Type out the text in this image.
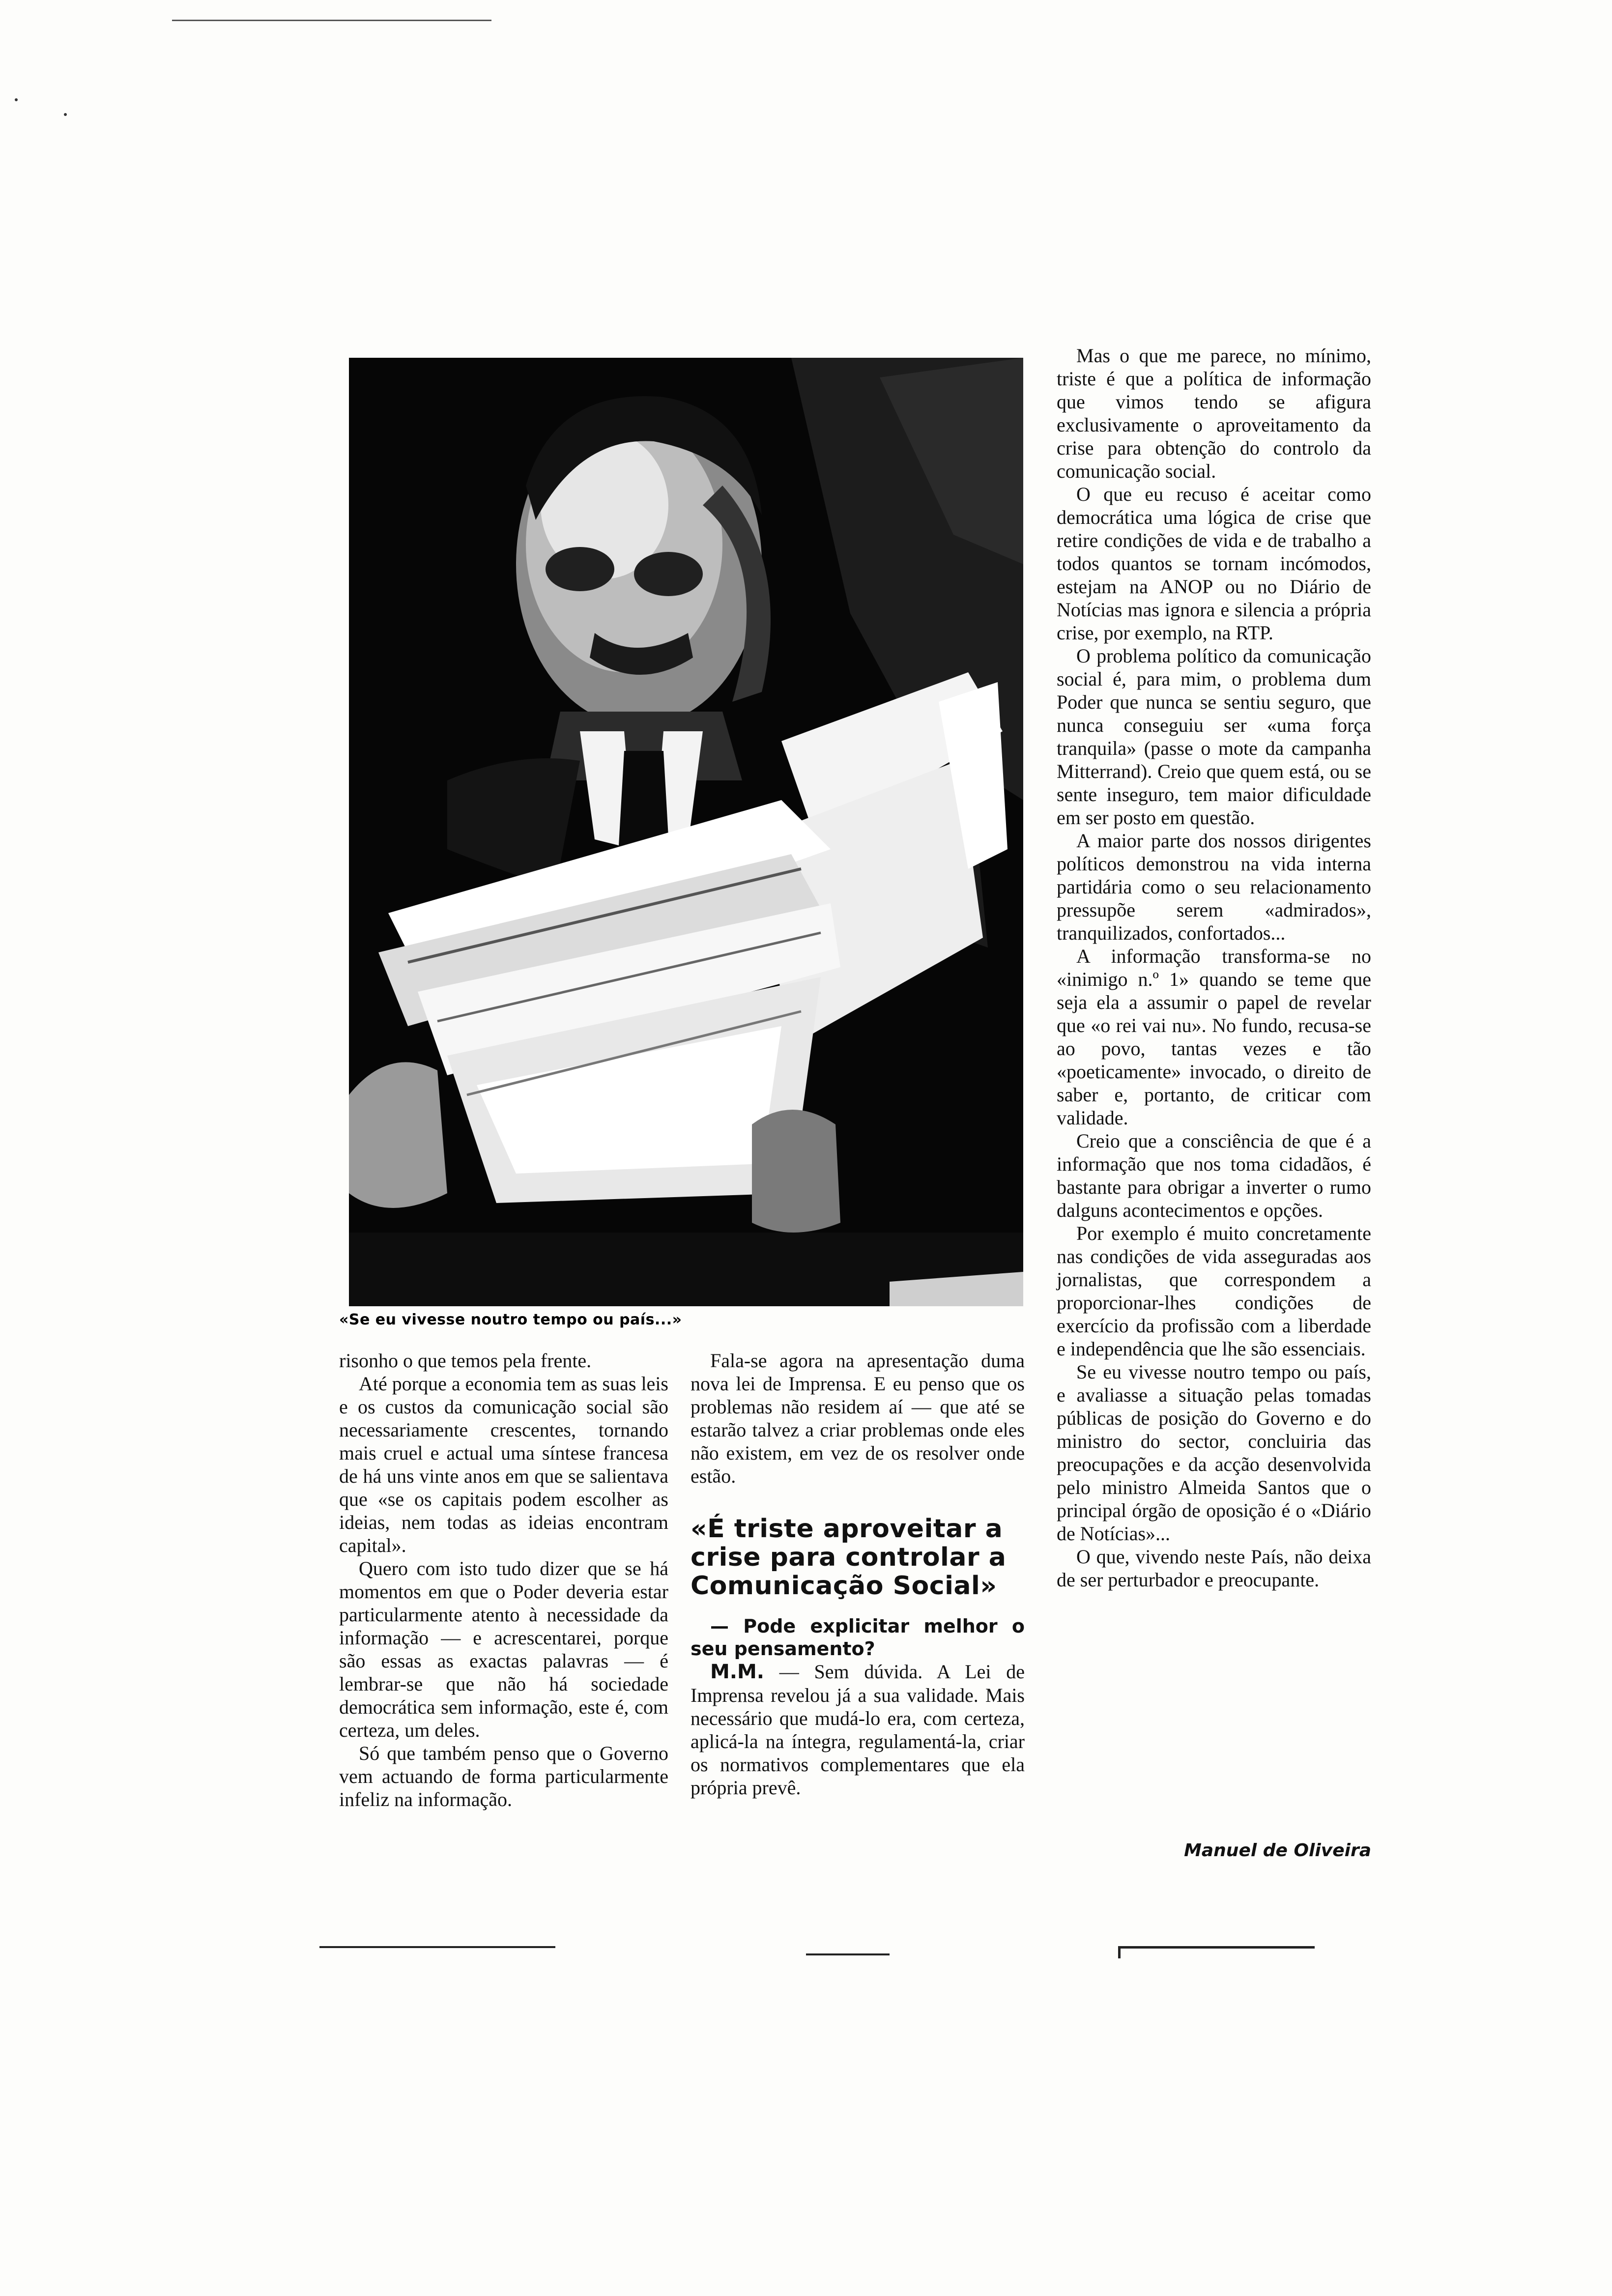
«Se eu vivesse noutro tempo ou país...»

risonho o que temos pela frente.

Até porque a economia tem as suas leis e os custos da comunicação social são necessariamente crescentes, tornando mais cruel e actual uma síntese francesa de há uns vinte anos em que se salientava que «se os capitais podem escolher as ideias, nem todas as ideias encontram capital».

Quero com isto tudo dizer que se há momentos em que o Poder deveria estar particularmente atento à necessidade da informação — e acrescentarei, porque são essas as exactas palavras — é lembrar-se que não há sociedade democrática sem informação, este é, com certeza, um deles.

Só que também penso que o Governo vem actuando de forma particularmente infeliz na informação.

Fala-se agora na apresentação duma nova lei de Imprensa. E eu penso que os problemas não residem aí — que até se estarão talvez a criar problemas onde eles não existem, em vez de os resolver onde estão.

«É triste aproveitar a crise para controlar a Comunicação Social»

— Pode explicitar melhor o seu pensamento?

M.M. — Sem dúvida. A Lei de Imprensa revelou já a sua validade. Mais necessário que mudá-lo era, com certeza, aplicá-la na íntegra, regulamentá-la, criar os normativos complementares que ela própria prevê.

Mas o que me parece, no mínimo, triste é que a política de informação que vimos tendo se afigura exclusivamente o aproveitamento da crise para obtenção do controlo da comunicação social.

O que eu recuso é aceitar como democrática uma lógica de crise que retire condições de vida e de trabalho a todos quantos se tornam incómodos, estejam na ANOP ou no Diário de Notícias mas ignora e silencia a própria crise, por exemplo, na RTP.

O problema político da comunicação social é, para mim, o problema dum Poder que nunca se sentiu seguro, que nunca conseguiu ser «uma força tranquila» (passe o mote da campanha Mitterrand). Creio que quem está, ou se sente inseguro, tem maior dificuldade em ser posto em questão.

A maior parte dos nossos dirigentes políticos demonstrou na vida interna partidária como o seu relacionamento pressupõe serem «admirados», tranquilizados, confortados...

A informação transforma-se no «inimigo n.º 1» quando se teme que seja ela a assumir o papel de revelar que «o rei vai nu». No fundo, recusa-se ao povo, tantas vezes e tão «poeticamente» invocado, o direito de saber e, portanto, de criticar com validade.

Creio que a consciência de que é a informação que nos toma cidadãos, é bastante para obrigar a inverter o rumo dalguns acontecimentos e opções.

Por exemplo é muito concretamente nas condições de vida asseguradas aos jornalistas, que correspondem a proporcionar-lhes condições de exercício da profissão com a liberdade e independência que lhe são essenciais.

Se eu vivesse noutro tempo ou país, e avaliasse a situação pelas tomadas públicas de posição do Governo e do ministro do sector, concluiria das preocupações e da acção desenvolvida pelo ministro Almeida Santos que o principal órgão de oposição é o «Diário de Notícias»...

O que, vivendo neste País, não deixa de ser perturbador e preocupante.

Manuel de Oliveira
